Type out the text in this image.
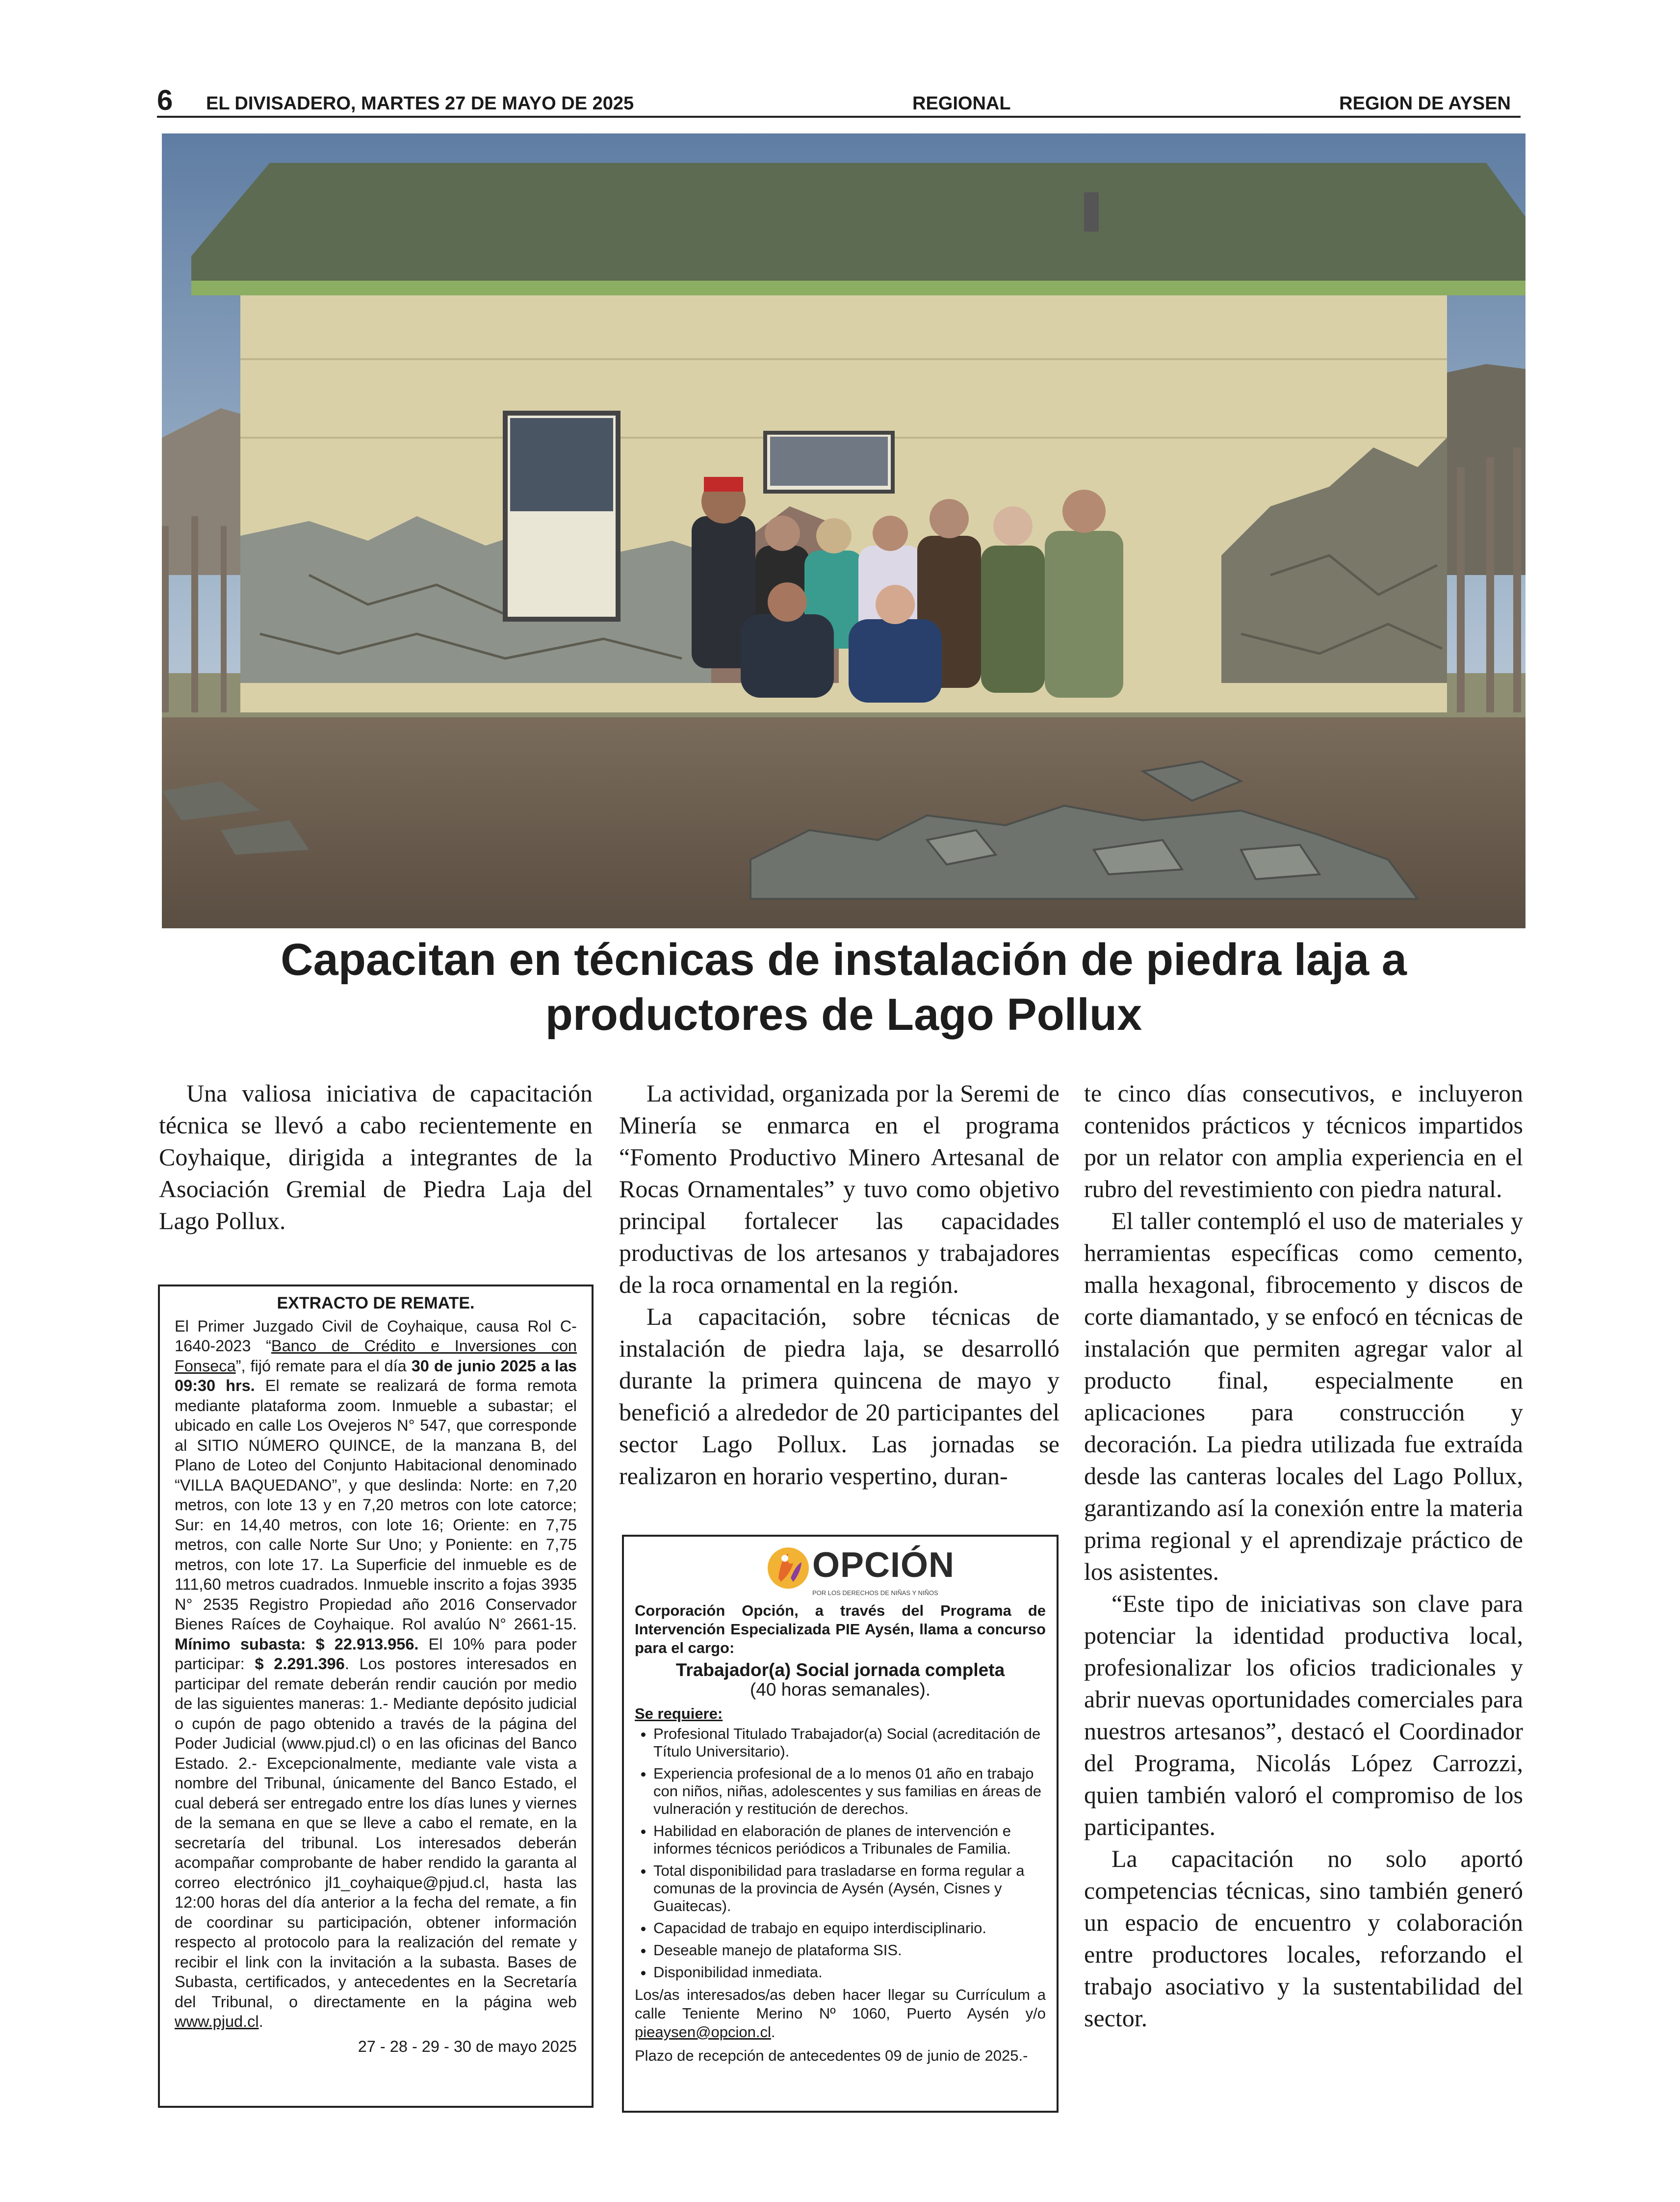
6 EL DIVISADERO, MARTES 27 DE MAYO DE 2025	REGIONAL	REGION DE AYSEN
Capacitan en técnicas de instalación de piedra laja a
productores de Lago Pollux

Una valiosa iniciativa de capacitación técnica se llevó a cabo recientemente en Coyhaique, dirigida a integrantes de la Asociación Gremial de Piedra Laja del Lago Pollux.

La actividad, organizada por la Seremi de Minería se enmarca en el programa “Fomento Productivo Minero Artesanal de Rocas Ornamentales” y tuvo como objetivo principal fortalecer las capacidades productivas de los artesanos y trabajadores de la roca ornamental en la región.

La capacitación, sobre técnicas de instalación de piedra laja, se desarrolló durante la primera quincena de mayo y benefició a alrededor de 20 participantes del sector Lago Pollux. Las jornadas se realizaron en horario vespertino, duran-

te cinco días consecutivos, e incluyeron contenidos prácticos y técnicos impartidos por un relator con amplia experiencia en el rubro del revestimiento con piedra natural.

El taller contempló el uso de materiales y herramientas específicas como cemento, malla hexagonal, fibrocemento y discos de corte diamantado, y se enfocó en técnicas de instalación que permiten agregar valor al producto final, especialmente en aplicaciones para construcción y decoración. La piedra utilizada fue extraída desde las canteras locales del Lago Pollux, garantizando así la conexión entre la materia prima regional y el aprendizaje práctico de los asistentes.

“Este tipo de iniciativas son clave para potenciar la identidad productiva local, profesionalizar los oficios tradicionales y abrir nuevas oportunidades comerciales para nuestros artesanos”, destacó el Coordinador del Programa, Nicolás López Carrozzi, quien también valoró el compromiso de los participantes.

La capacitación no solo aportó competencias técnicas, sino también generó un espacio de encuentro y colaboración entre productores locales, reforzando el trabajo asociativo y la sustentabilidad del sector.

EXTRACTO DE REMATE.
El Primer Juzgado Civil de Coyhaique, causa Rol C-1640-2023 “Banco de Crédito e Inversiones con Fonseca”, fijó remate para el día 30 de junio 2025 a las 09:30 hrs. El remate se realizará de forma remota mediante plataforma zoom. Inmueble a subastar; el ubicado en calle Los Ovejeros N° 547, que corresponde al SITIO NÚMERO QUINCE, de la manzana B, del Plano de Loteo del Conjunto Habitacional denominado “VILLA BAQUEDANO”, y que deslinda: Norte: en 7,20 metros, con lote 13 y en 7,20 metros con lote catorce; Sur: en 14,40 metros, con lote 16; Oriente: en 7,75 metros, con calle Norte Sur Uno; y Poniente: en 7,75 metros, con lote 17. La Superficie del inmueble es de 111,60 metros cuadrados. Inmueble inscrito a fojas 3935 N° 2535 Registro Propiedad año 2016 Conservador Bienes Raíces de Coyhaique. Rol avalúo N° 2661-15. Mínimo subasta: $ 22.913.956. El 10% para poder participar: $ 2.291.396. Los postores interesados en participar del remate deberán rendir caución por medio de las siguientes maneras: 1.- Mediante depósito judicial o cupón de pago obtenido a través de la página del Poder Judicial (www.pjud.cl) o en las oficinas del Banco Estado. 2.- Excepcionalmente, mediante vale vista a nombre del Tribunal, únicamente del Banco Estado, el cual deberá ser entregado entre los días lunes y viernes de la semana en que se lleve a cabo el remate, en la secretaría del tribunal. Los interesados deberán acompañar comprobante de haber rendido la garanta al correo electrónico jl1_coyhaique@pjud.cl, hasta las 12:00 horas del día anterior a la fecha del remate, a fin de coordinar su participación, obtener información respecto al protocolo para la realización del remate y recibir el link con la invitación a la subasta. Bases de Subasta, certificados, y antecedentes en la Secretaría del Tribunal, o directamente en la página web www.pjud.cl.
27 - 28 - 29 - 30 de mayo 2025
OPCIÓN
POR LOS DERECHOS DE NIÑAS Y NIÑOS
Corporación Opción, a través del Programa de Intervención Especializada PIE Aysén, llama a concurso para el cargo:
Trabajador(a) Social jornada completa
(40 horas semanales).
Se requiere:
• Profesional Titulado Trabajador(a) Social (acreditación de Título Universitario).
• Experiencia profesional de a lo menos 01 año en trabajo con niños, niñas, adolescentes y sus familias en áreas de vulneración y restitución de derechos.
• Habilidad en elaboración de planes de intervención e informes técnicos periódicos a Tribunales de Familia.
• Total disponibilidad para trasladarse en forma regular a comunas de la provincia de Aysén (Aysén, Cisnes y Guaitecas).
• Capacidad de trabajo en equipo interdisciplinario.
• Deseable manejo de plataforma SIS.
• Disponibilidad inmediata.
Los/as interesados/as deben hacer llegar su Currículum a calle Teniente Merino Nº 1060, Puerto Aysén y/o pieaysen@opcion.cl.
Plazo de recepción de antecedentes 09 de junio de 2025.-
